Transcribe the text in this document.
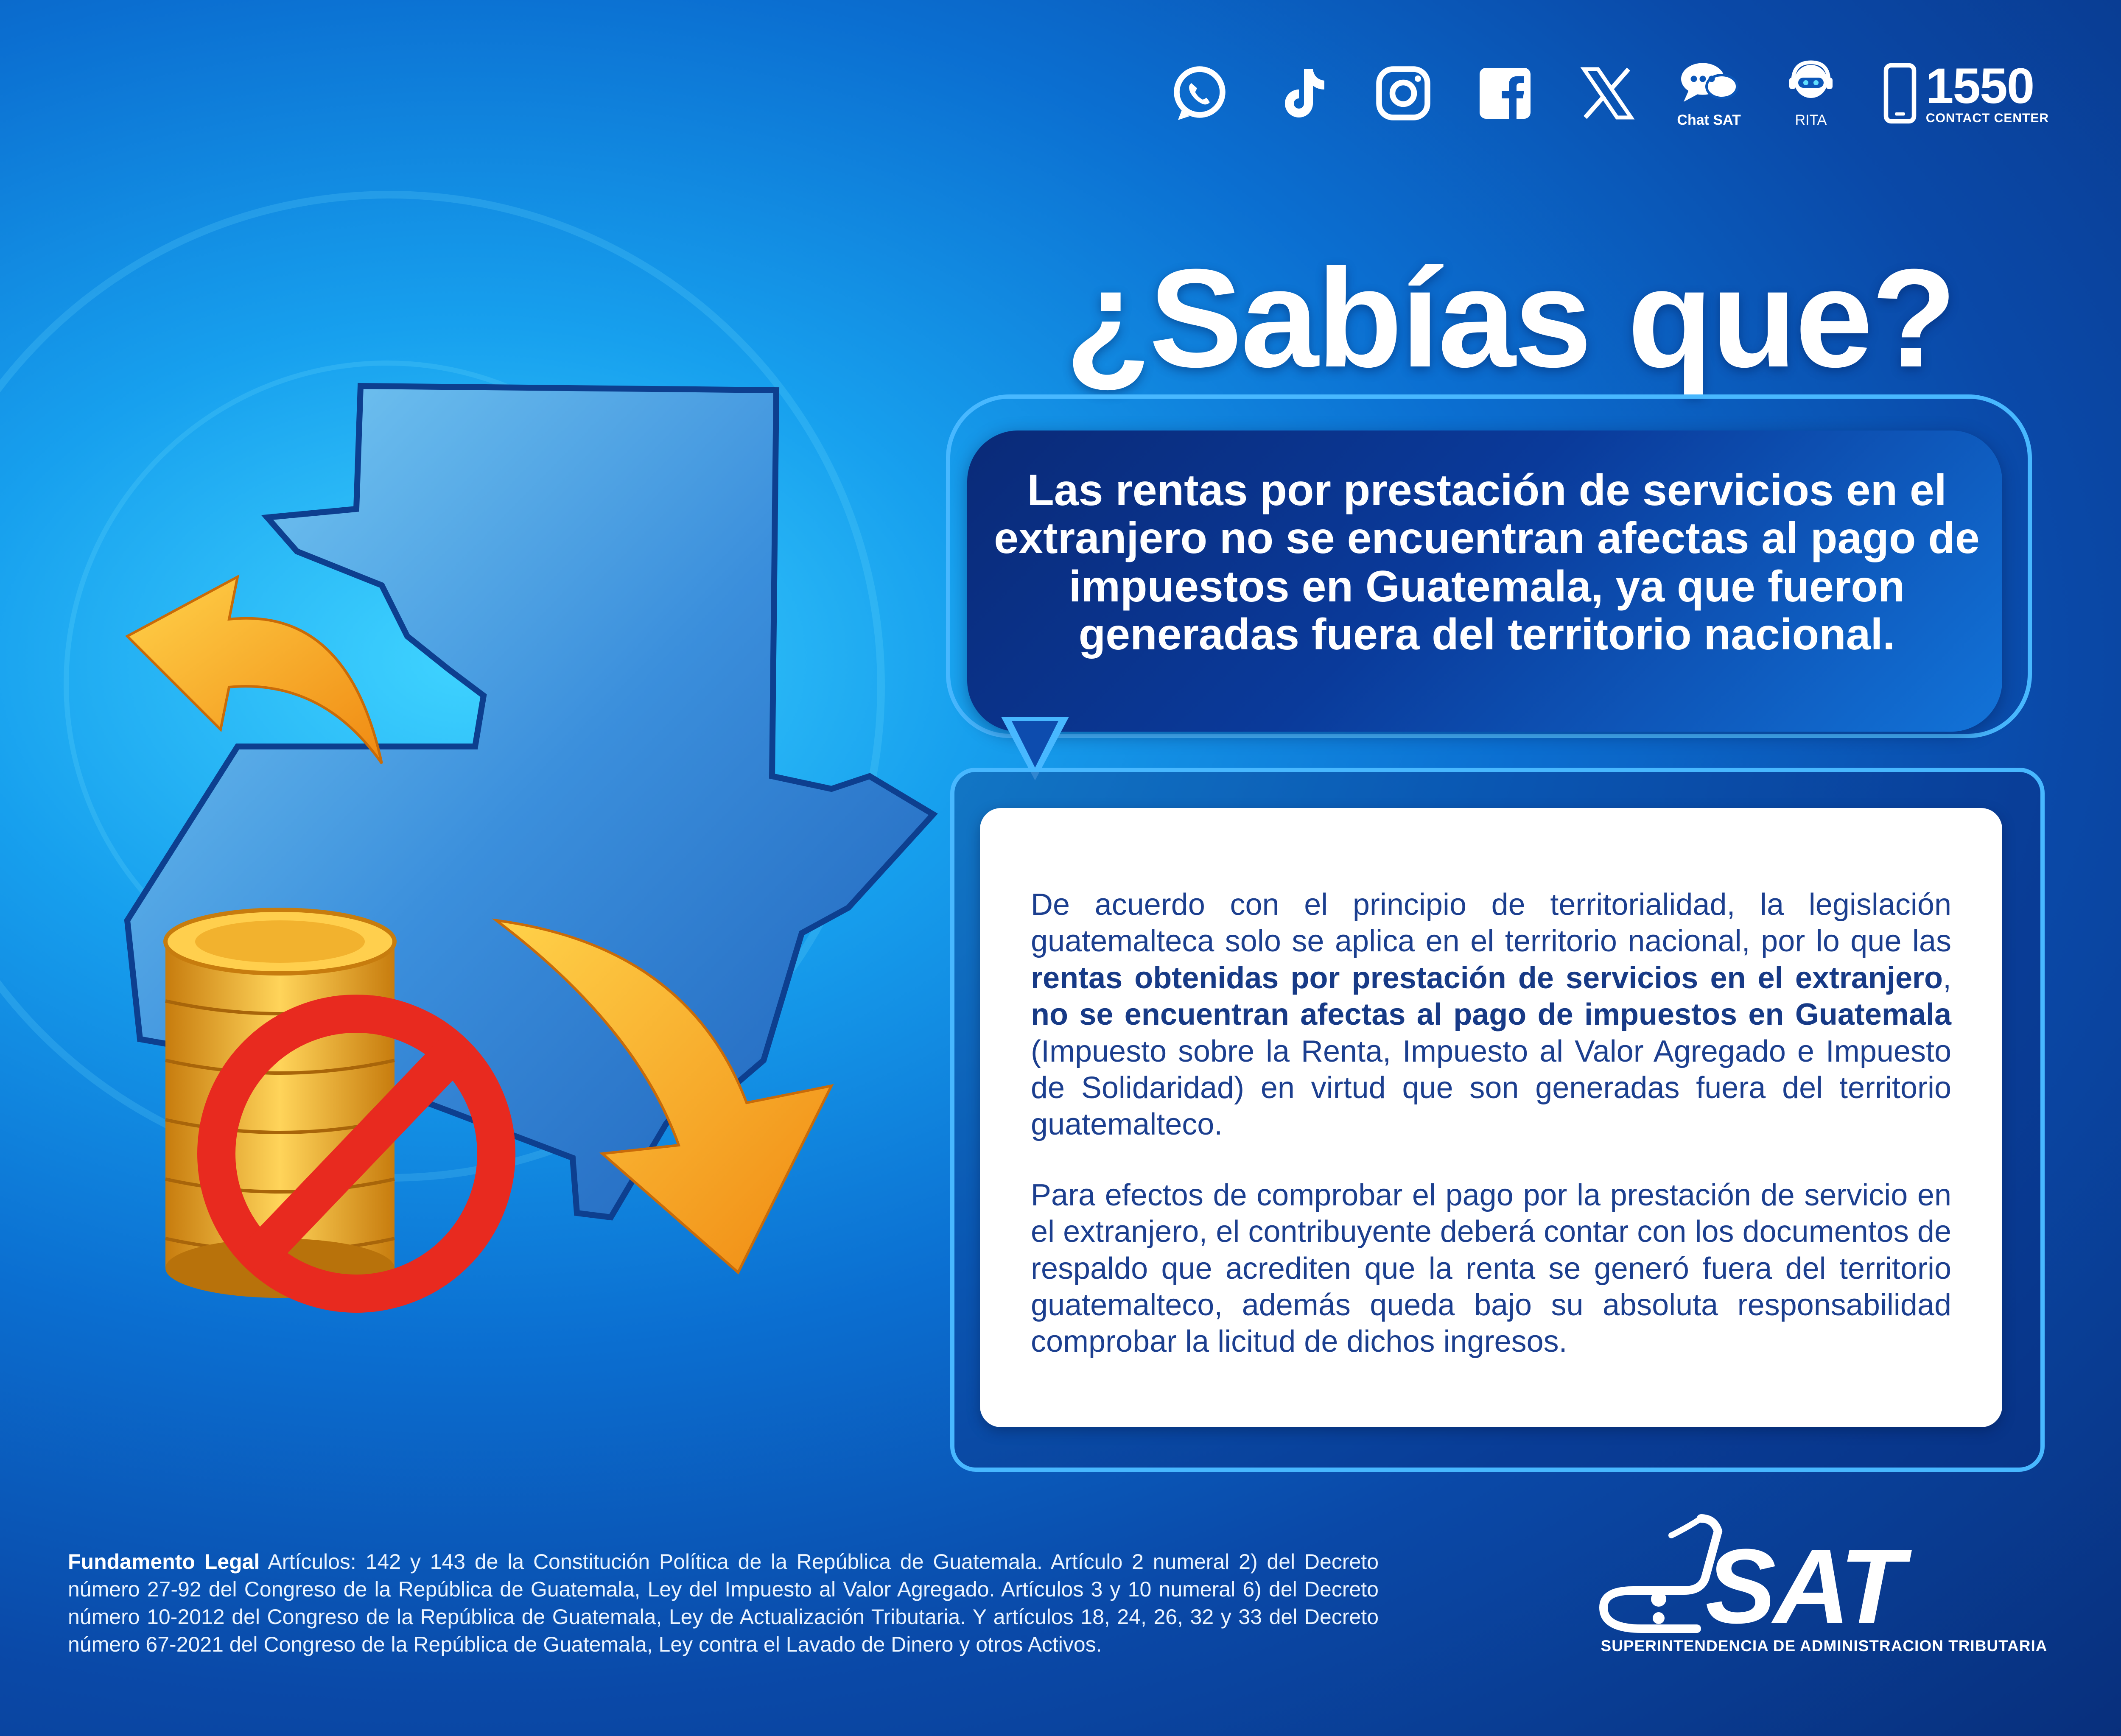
Chat SAT	RITA
1550
CONTACT CENTER
¿Sabías que?
Las rentas por prestación de servicios en el extranjero no se encuentran afectas al pago de impuestos en Guatemala, ya que fueron generadas fuera del territorio nacional.

De acuerdo con el principio de territorialidad, la legislación guatemalteca solo se aplica en el territorio nacional, por lo que las rentas obtenidas por prestación de servicios en el extranjero, no se encuentran afectas al pago de impuestos en Guatemala (Impuesto sobre la Renta, Impuesto al Valor Agregado e Impuesto de Solidaridad) en virtud que son generadas fuera del territorio guatemalteco.

Para efectos de comprobar el pago por la prestación de servicio en el extranjero, el contribuyente deberá contar con los documentos de respaldo que acrediten que la renta se generó fuera del territorio guatemalteco, además queda bajo su absoluta responsabilidad comprobar la licitud de dichos ingresos.

Fundamento Legal Artículos: 142 y 143 de la Constitución Política de la República de Guatemala. Artículo 2 numeral 2) del Decreto número 27-92 del Congreso de la República de Guatemala, Ley del Impuesto al Valor Agregado. Artículos 3 y 10 numeral 6) del Decreto número 10-2012 del Congreso de la República de Guatemala, Ley de Actualización Tributaria. Y artículos 18, 24, 26, 32 y 33 del Decreto número 67-2021 del Congreso de la República de Guatemala, Ley contra el Lavado de Dinero y otros Activos.	SAT
SUPERINTENDENCIA DE ADMINISTRACION TRIBUTARIA
